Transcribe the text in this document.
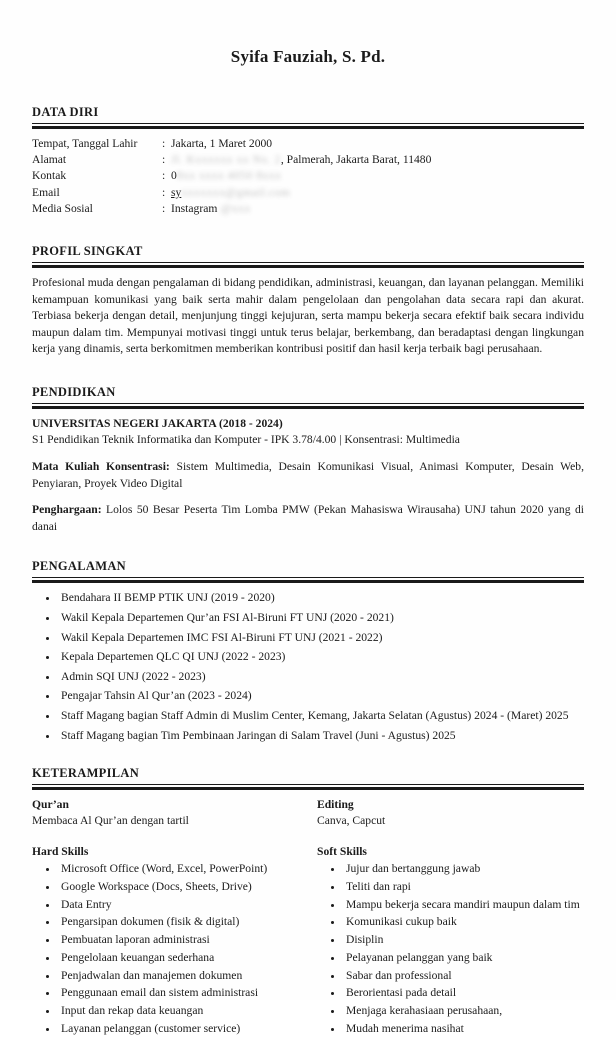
Syifa Fauziah, S. Pd.
DATA DIRI
Tempat, Tanggal Lahir	: Jakarta, 1 Maret 2000
Alamat	: Jl. Kxxxxxx xx Nx. 2, Palmerah, Jakarta Barat, 11480
Kontak	: 08xx xxxx 4050 8xxx
Email	: syxxxxxxx@gmail.com
Media Sosial	: Instagram @xxx
PROFIL SINGKAT

Profesional muda dengan pengalaman di bidang pendidikan, administrasi, keuangan, dan layanan pelanggan. Memiliki kemampuan komunikasi yang baik serta mahir dalam pengelolaan dan pengolahan data secara rapi dan akurat. Terbiasa bekerja dengan detail, menjunjung tinggi kejujuran, serta mampu bekerja secara efektif baik secara individu maupun dalam tim. Mempunyai motivasi tinggi untuk terus belajar, berkembang, dan beradaptasi dengan lingkungan kerja yang dinamis, serta berkomitmen memberikan kontribusi positif dan hasil kerja terbaik bagi perusahaan.

PENDIDIKAN

UNIVERSITAS NEGERI JAKARTA (2018 - 2024)

S1 Pendidikan Teknik Informatika dan Komputer - IPK 3.78/4.00 | Konsentrasi: Multimedia

Mata Kuliah Konsentrasi: Sistem Multimedia, Desain Komunikasi Visual, Animasi Komputer, Desain Web, Penyiaran, Proyek Video Digital

Penghargaan: Lolos 50 Besar Peserta Tim Lomba PMW (Pekan Mahasiswa Wirausaha) UNJ tahun 2020 yang di danai

PENGALAMAN
• Bendahara II BEMP PTIK UNJ (2019 - 2020)
• Wakil Kepala Departemen Qur’an FSI Al-Biruni FT UNJ (2020 - 2021)
• Wakil Kepala Departemen IMC FSI Al-Biruni FT UNJ (2021 - 2022)
• Kepala Departemen QLC QI UNJ (2022 - 2023)
• Admin SQI UNJ (2022 - 2023)
• Pengajar Tahsin Al Qur’an (2023 - 2024)
• Staff Magang bagian Staff Admin di Muslim Center, Kemang, Jakarta Selatan (Agustus) 2024 - (Maret) 2025
• Staff Magang bagian Tim Pembinaan Jaringan di Salam Travel (Juni - Agustus) 2025
KETERAMPILAN

Qur’an

Membaca Al Qur’an dengan tartil

Hard Skills

• Microsoft Office (Word, Excel, PowerPoint)
• Google Workspace (Docs, Sheets, Drive)
• Data Entry
• Pengarsipan dokumen (fisik & digital)
• Pembuatan laporan administrasi
• Pengelolaan keuangan sederhana
• Penjadwalan dan manajemen dokumen
• Penggunaan email dan sistem administrasi
• Input dan rekap data keuangan
• Layanan pelanggan (customer service)

Editing

Canva, Capcut

Soft Skills

• Jujur dan bertanggung jawab
• Teliti dan rapi
• Mampu bekerja secara mandiri maupun dalam tim
• Komunikasi cukup baik
• Disiplin
• Pelayanan pelanggan yang baik
• Sabar dan professional
• Berorientasi pada detail
• Menjaga kerahasiaan perusahaan,
• Mudah menerima nasihat
